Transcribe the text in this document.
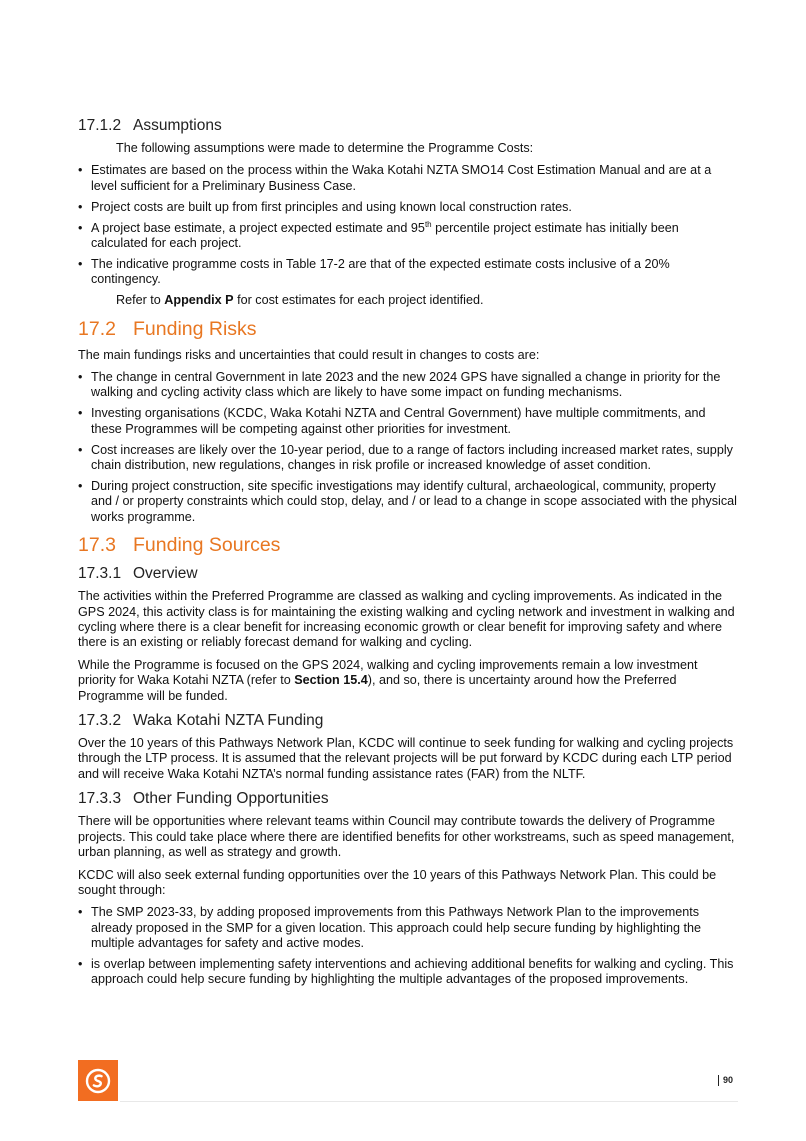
17.1.2 Assumptions

The following assumptions were made to determine the Programme Costs:

• Estimates are based on the process within the Waka Kotahi NZTA SMO14 Cost Estimation Manual and are at a level sufficient for a Preliminary Business Case.
• Project costs are built up from first principles and using known local construction rates.
• A project base estimate, a project expected estimate and 95th percentile project estimate has initially been calculated for each project.
• The indicative programme costs in Table 17-2 are that of the expected estimate costs inclusive of a 20% contingency.

Refer to Appendix P for cost estimates for each project identified.

17.2 Funding Risks

The main fundings risks and uncertainties that could result in changes to costs are:

• The change in central Government in late 2023 and the new 2024 GPS have signalled a change in priority for the walking and cycling activity class which are likely to have some impact on funding mechanisms.
• Investing organisations (KCDC, Waka Kotahi NZTA and Central Government) have multiple commitments, and these Programmes will be competing against other priorities for investment.
• Cost increases are likely over the 10-year period, due to a range of factors including increased market rates, supply chain distribution, new regulations, changes in risk profile or increased knowledge of asset condition.
• During project construction, site specific investigations may identify cultural, archaeological, community, property and / or property constraints which could stop, delay, and / or lead to a change in scope associated with the physical works programme.
17.3 Funding Sources
17.3.1 Overview

The activities within the Preferred Programme are classed as walking and cycling improvements. As indicated in the GPS 2024, this activity class is for maintaining the existing walking and cycling network and investment in walking and cycling where there is a clear benefit for increasing economic growth or clear benefit for improving safety and where there is an existing or reliably forecast demand for walking and cycling.

While the Programme is focused on the GPS 2024, walking and cycling improvements remain a low investment priority for Waka Kotahi NZTA (refer to Section 15.4), and so, there is uncertainty around how the Preferred Programme will be funded.

17.3.2 Waka Kotahi NZTA Funding

Over the 10 years of this Pathways Network Plan, KCDC will continue to seek funding for walking and cycling projects through the LTP process. It is assumed that the relevant projects will be put forward by KCDC during each LTP period and will receive Waka Kotahi NZTA’s normal funding assistance rates (FAR) from the NLTF.

17.3.3 Other Funding Opportunities

There will be opportunities where relevant teams within Council may contribute towards the delivery of Programme projects. This could take place where there are identified benefits for other workstreams, such as speed management, urban planning, as well as strategy and growth.

KCDC will also seek external funding opportunities over the 10 years of this Pathways Network Plan. This could be sought through:

• The SMP 2023-33, by adding proposed improvements from this Pathways Network Plan to the improvements already proposed in the SMP for a given location. This approach could help secure funding by highlighting the multiple advantages for safety and active modes.
• is overlap between implementing safety interventions and achieving additional benefits for walking and cycling. This approach could help secure funding by highlighting the multiple advantages of the proposed improvements.
90
